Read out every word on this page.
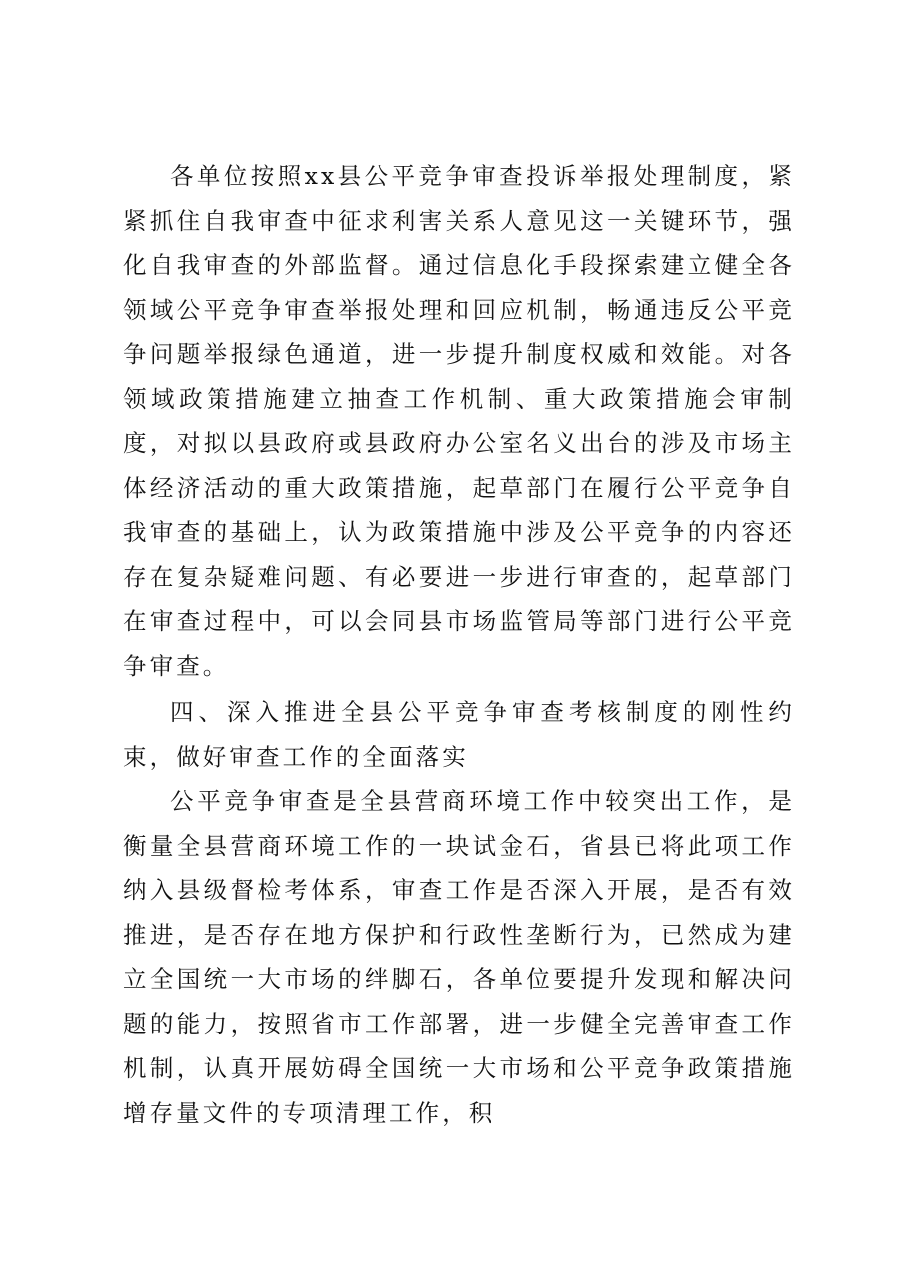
各单位按照xx县公平竞争审查投诉举报处理制度，紧紧抓住自我审查中征求利害关系人意见这一关键环节，强化自我审查的外部监督。通过信息化手段探索建立健全各领域公平竞争审查举报处理和回应机制，畅通违反公平竞争问题举报绿色通道，进一步提升制度权威和效能。对各领域政策措施建立抽查工作机制、重大政策措施会审制度，对拟以县政府或县政府办公室名义出台的涉及市场主体经济活动的重大政策措施，起草部门在履行公平竞争自我审查的基础上，认为政策措施中涉及公平竞争的内容还存在复杂疑难问题、有必要进一步进行审查的，起草部门在审查过程中，可以会同县市场监管局等部门进行公平竞争审查。

四、深入推进全县公平竞争审查考核制度的刚性约束，做好审查工作的全面落实

公平竞争审查是全县营商环境工作中较突出工作，是衡量全县营商环境工作的一块试金石，省县已将此项工作纳入县级督检考体系，审查工作是否深入开展，是否有效推进，是否存在地方保护和行政性垄断行为，已然成为建立全国统一大市场的绊脚石，各单位要提升发现和解决问题的能力，按照省市工作部署，进一步健全完善审查工作机制，认真开展妨碍全国统一大市场和公平竞争政策措施增存量文件的专项清理工作，积
